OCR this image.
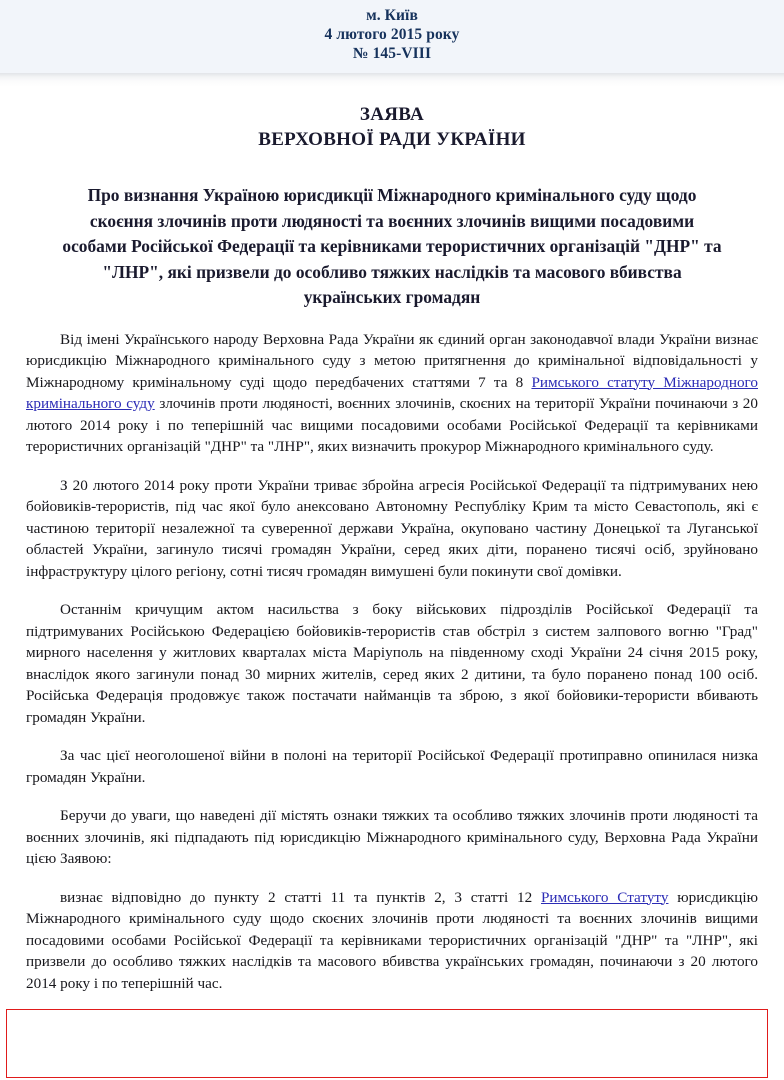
м. Київ
4 лютого 2015 року
№ 145-VIII
ЗАЯВА
ВЕРХОВНОЇ РАДИ УКРАЇНИ
Про визнання Україною юрисдикції Міжнародного кримінального суду щодо скоєння злочинів проти людяності та воєнних злочинів вищими посадовими особами Російської Федерації та керівниками терористичних організацій "ДНР" та "ЛНР", які призвели до особливо тяжких наслідків та масового вбивства українських громадян

Від імені Українського народу Верховна Рада України як єдиний орган законодавчої влади України визнає юрисдикцію Міжнародного кримінального суду з метою притягнення до кримінальної відповідальності у Міжнародному кримінальному суді щодо передбачених статтями 7 та 8 Римського статуту Міжнародного кримінального суду злочинів проти людяності, воєнних злочинів, скоєних на території України починаючи з 20 лютого 2014 року і по теперішній час вищими посадовими особами Російської Федерації та керівниками терористичних організацій "ДНР" та "ЛНР", яких визначить прокурор Міжнародного кримінального суду.

З 20 лютого 2014 року проти України триває збройна агресія Російської Федерації та підтримуваних нею бойовиків-терористів, під час якої було анексовано Автономну Республіку Крим та місто Севастополь, які є частиною території незалежної та суверенної держави Україна, окуповано частину Донецької та Луганської областей України, загинуло тисячі громадян України, серед яких діти, поранено тисячі осіб, зруйновано інфраструктуру цілого регіону, сотні тисяч громадян вимушені були покинути свої домівки.

Останнім кричущим актом насильства з боку військових підрозділів Російської Федерації та підтримуваних Російською Федерацією бойовиків-терористів став обстріл з систем залпового вогню "Град" мирного населення у житлових кварталах міста Маріуполь на південному сході України 24 січня 2015 року, внаслідок якого загинули понад 30 мирних жителів, серед яких 2 дитини, та було поранено понад 100 осіб. Російська Федерація продовжує також постачати найманців та зброю, з якої бойовики-терористи вбивають громадян України.

За час цієї неоголошеної війни в полоні на території Російської Федерації протиправно опинилася низка громадян України.

Беручи до уваги, що наведені дії містять ознаки тяжких та особливо тяжких злочинів проти людяності та воєнних злочинів, які підпадають під юрисдикцію Міжнародного кримінального суду, Верховна Рада України цією Заявою:

визнає відповідно до пункту 2 статті 11 та пунктів 2, 3 статті 12 Римського Статуту юрисдикцію Міжнародного кримінального суду щодо скоєних злочинів проти людяності та воєнних злочинів вищими посадовими особами Російської Федерації та керівниками терористичних організацій "ДНР" та "ЛНР", які призвели до особливо тяжких наслідків та масового вбивства українських громадян, починаючи з 20 лютого 2014 року і по теперішній час.
